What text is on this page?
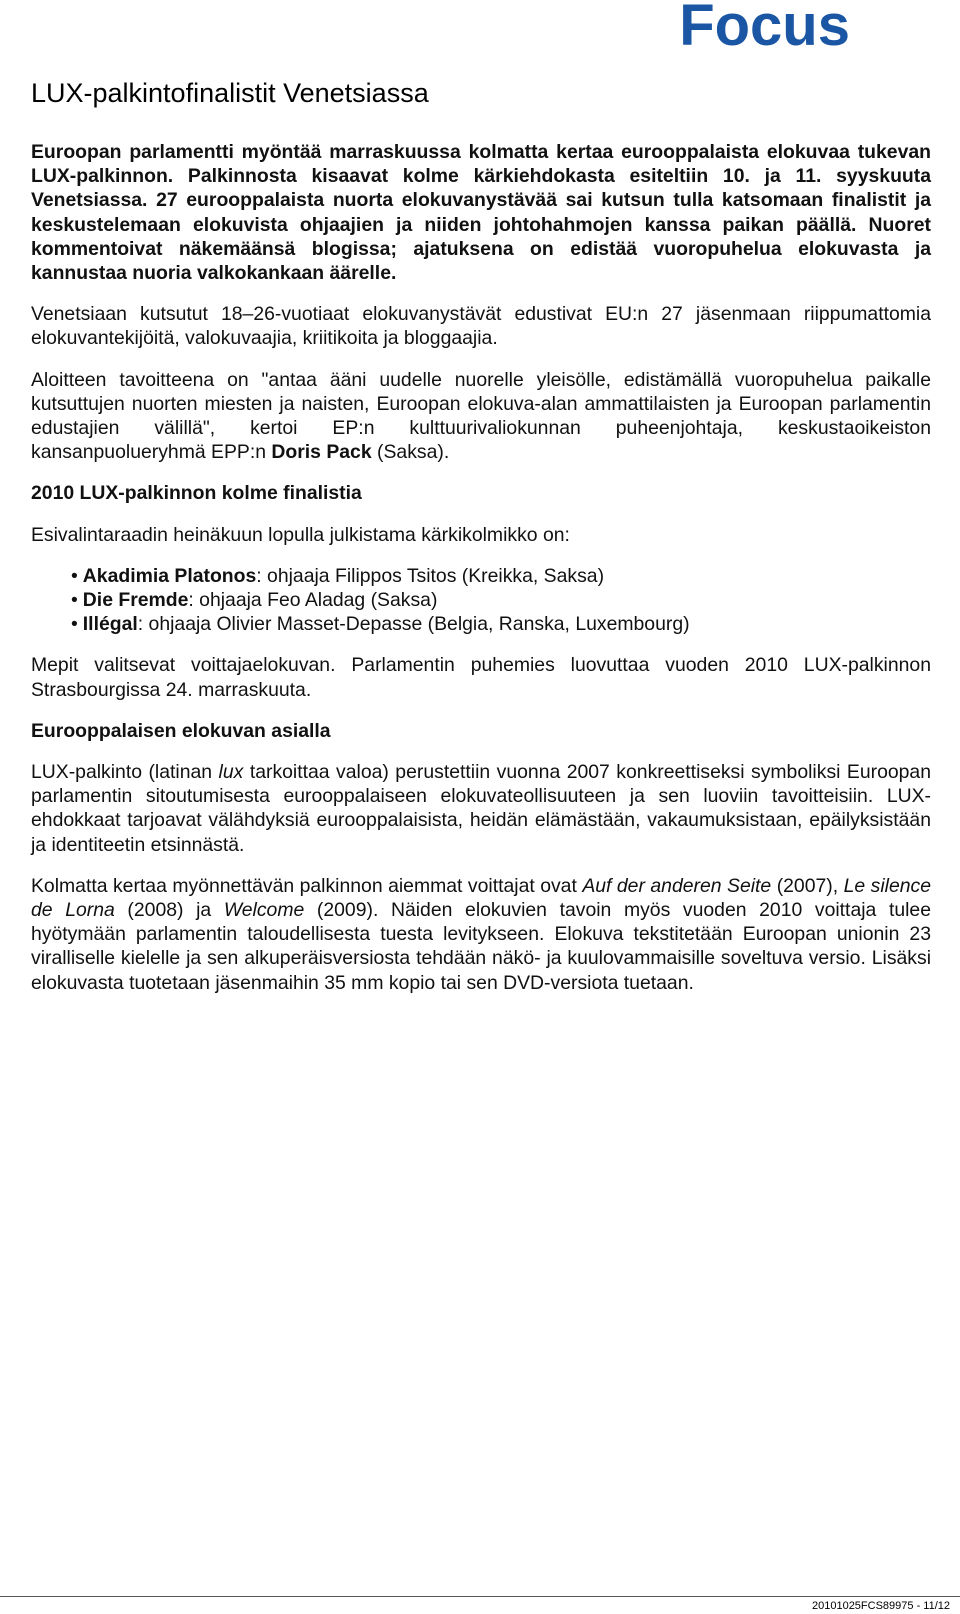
Focus
LUX-palkintofinalistit Venetsiassa

Euroopan parlamentti myöntää marraskuussa kolmatta kertaa eurooppalaista elokuvaa tukevan LUX-palkinnon. Palkinnosta kisaavat kolme kärkiehdokasta esiteltiin 10. ja 11. syyskuuta Venetsiassa. 27 eurooppalaista nuorta elokuvanystävää sai kutsun tulla katsomaan finalistit ja keskustelemaan elokuvista ohjaajien ja niiden johtohahmojen kanssa paikan päällä. Nuoret kommentoivat näkemäänsä blogissa; ajatuksena on edistää vuoropuhelua elokuvasta ja kannustaa nuoria valkokankaan äärelle.

Venetsiaan kutsutut 18–26-vuotiaat elokuvanystävät edustivat EU:n 27 jäsenmaan riippumattomia elokuvantekijöitä, valokuvaajia, kriitikoita ja bloggaajia.

Aloitteen tavoitteena on "antaa ääni uudelle nuorelle yleisölle, edistämällä vuoropuhelua paikalle kutsuttujen nuorten miesten ja naisten, Euroopan elokuva-alan ammattilaisten ja Euroopan parlamentin edustajien välillä", kertoi EP:n kulttuurivaliokunnan puheenjohtaja, keskustaoikeiston kansanpuolueryhmä EPP:n Doris Pack (Saksa).

2010 LUX-palkinnon kolme finalistia

Esivalintaraadin heinäkuun lopulla julkistama kärkikolmikko on:

• Akadimia Platonos: ohjaaja Filippos Tsitos (Kreikka, Saksa)
• Die Fremde: ohjaaja Feo Aladag (Saksa)
• Illégal: ohjaaja Olivier Masset-Depasse (Belgia, Ranska, Luxembourg)

Mepit valitsevat voittajaelokuvan. Parlamentin puhemies luovuttaa vuoden 2010 LUX-palkinnon Strasbourgissa 24. marraskuuta.

Eurooppalaisen elokuvan asialla

LUX-palkinto (latinan lux tarkoittaa valoa) perustettiin vuonna 2007 konkreettiseksi symboliksi Euroopan parlamentin sitoutumisesta eurooppalaiseen elokuvateollisuuteen ja sen luoviin tavoitteisiin. LUX-ehdokkaat tarjoavat välähdyksiä eurooppalaisista, heidän elämästään, vakaumuksistaan, epäilyksistään ja identiteetin etsinnästä.

Kolmatta kertaa myönnettävän palkinnon aiemmat voittajat ovat Auf der anderen Seite (2007), Le silence de Lorna (2008) ja Welcome (2009). Näiden elokuvien tavoin myös vuoden 2010 voittaja tulee hyötymään parlamentin taloudellisesta tuesta levitykseen. Elokuva tekstitetään Euroopan unionin 23 viralliselle kielelle ja sen alkuperäisversiosta tehdään näkö- ja kuulovammaisille soveltuva versio. Lisäksi elokuvasta tuotetaan jäsenmaihin 35 mm kopio tai sen DVD-versiota tuetaan.

20101025FCS89975 - 11/12
